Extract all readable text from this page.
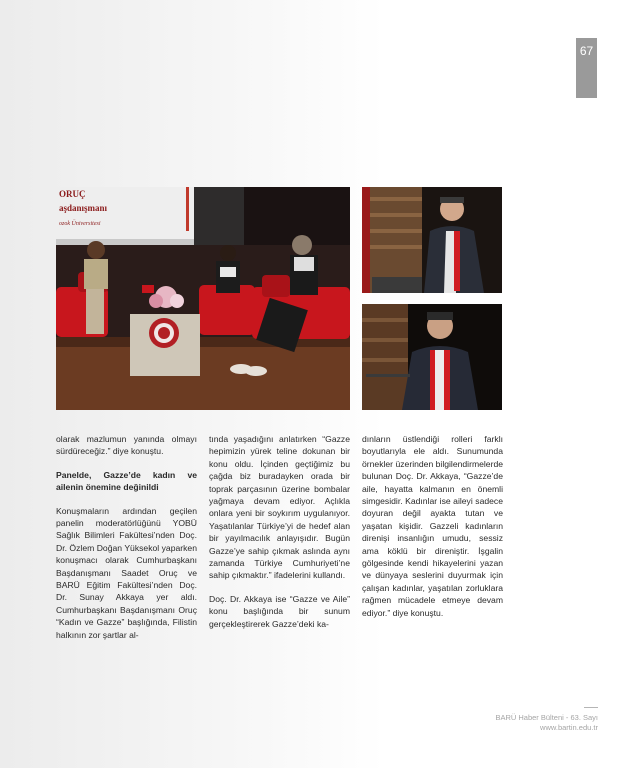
67
ORUÇ
aşdanışmanı
ozok Üniversitesi

olarak mazlumun yanında olmayı sürdüreceğiz.” diye konuştu.

Panelde, Gazze’de kadın ve ailenin önemine değinildi

Konuşmaların ardından geçilen panelin moderatörlüğünü YOBÜ Sağlık Bilimleri Fakültesi’nden Doç. Dr. Özlem Doğan Yüksekol yaparken konuşmacı olarak Cumhurbaşkanı Başdanışmanı Saadet Oruç ve BARÜ Eğitim Fakültesi’nden Doç. Dr. Sunay Akkaya yer aldı. Cumhurbaşkanı Başdanışmanı Oruç “Kadın ve Gazze” başlığında, Filistin halkının zor şartlar al-

tında yaşadığını anlatırken “Gazze hepimizin yürek teline dokunan bir konu oldu. İçinden geçtiğimiz bu çağda biz buradayken orada bir toprak parçasının üzerine bombalar yağmaya devam ediyor. Açlıkla onlara yeni bir soykırım uygulanıyor. Yaşatılanlar Türkiye’yi de hedef alan bir yayılmacılık anlayışıdır. Bugün Gazze’ye sahip çıkmak aslında aynı zamanda Türkiye Cumhuriyeti’ne sahip çıkmaktır.” ifadelerini kullandı.

Doç. Dr. Akkaya ise “Gazze ve Aile” konu başlığında bir sunum gerçekleştirerek Gazze’deki ka-

dınların üstlendiği rolleri farklı boyutlarıyla ele aldı. Sunumunda örnekler üzerinden bilgilendirmelerde bulunan Doç. Dr. Akkaya, “Gazze’de aile, hayatta kalmanın en önemli simgesidir. Kadınlar ise aileyi sadece doyuran değil ayakta tutan ve yaşatan kişidir. Gazzeli kadınların direnişi insanlığın umudu, sessiz ama köklü bir direniştir. İşgalin gölgesinde kendi hikayelerini yazan ve dünyaya seslerini duyurmak için çalışan kadınlar, yaşatılan zorluklara rağmen mücadele etmeye devam ediyor.” diye konuştu.

BARÜ Haber Bülteni - 63. Sayı
www.bartin.edu.tr
